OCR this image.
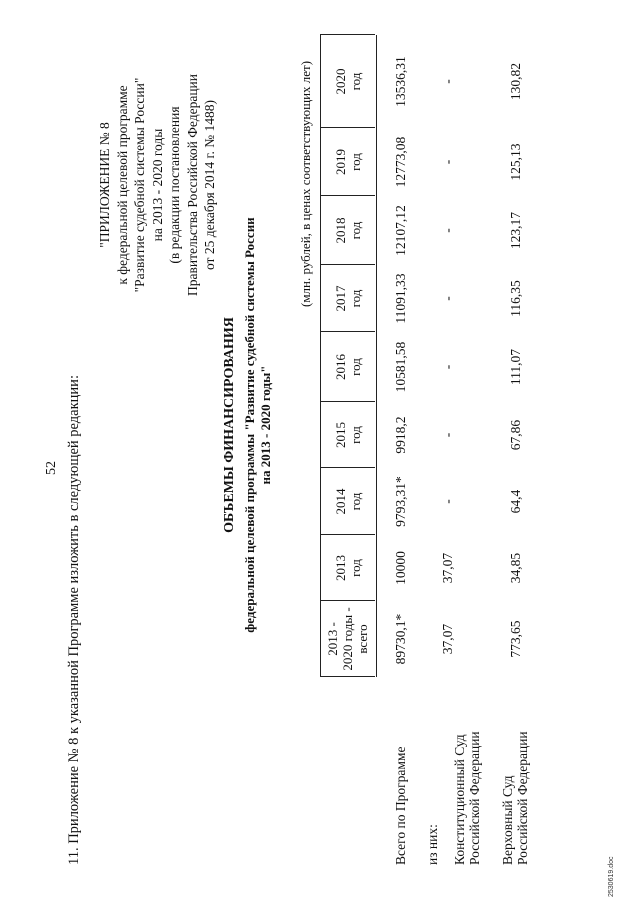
52 11. Приложение № 8 к указанной Программе изложить в следующей редакции:
"ПРИЛОЖЕНИЕ № 8 к федеральной целевой программе "Развитие судебной системы России" на 2013 - 2020 годы (в редакции постановления Правительства Российской Федерации от 25 декабря 2014 г. № 1488)
ОБЪЕМЫ ФИНАНСИРОВАНИЯ федеральной целевой программы "Развитие судебной системы России на 2013 - 2020 годы"
(млн. рублей, в ценах соответствующих лет)
2013 - 2020 годы - всего
2013 год
2014 год
2015 год
2016 год
2017 год
2018 год
2019 год
2020 год
Всего по Программе
89730,1*
10000
9793,31*
9918,2
10581,58
11091,33
12107,12
12773,08
13536,31
из них: Конституционный Суд Российской Федерации
37,07
37,07
-
-
-
-
-
-
-
Верховный Суд Российской Федерации
773,65
34,85
64,4
67,86
111,07
116,35
123,17
125,13
130,82
2530619.doc
